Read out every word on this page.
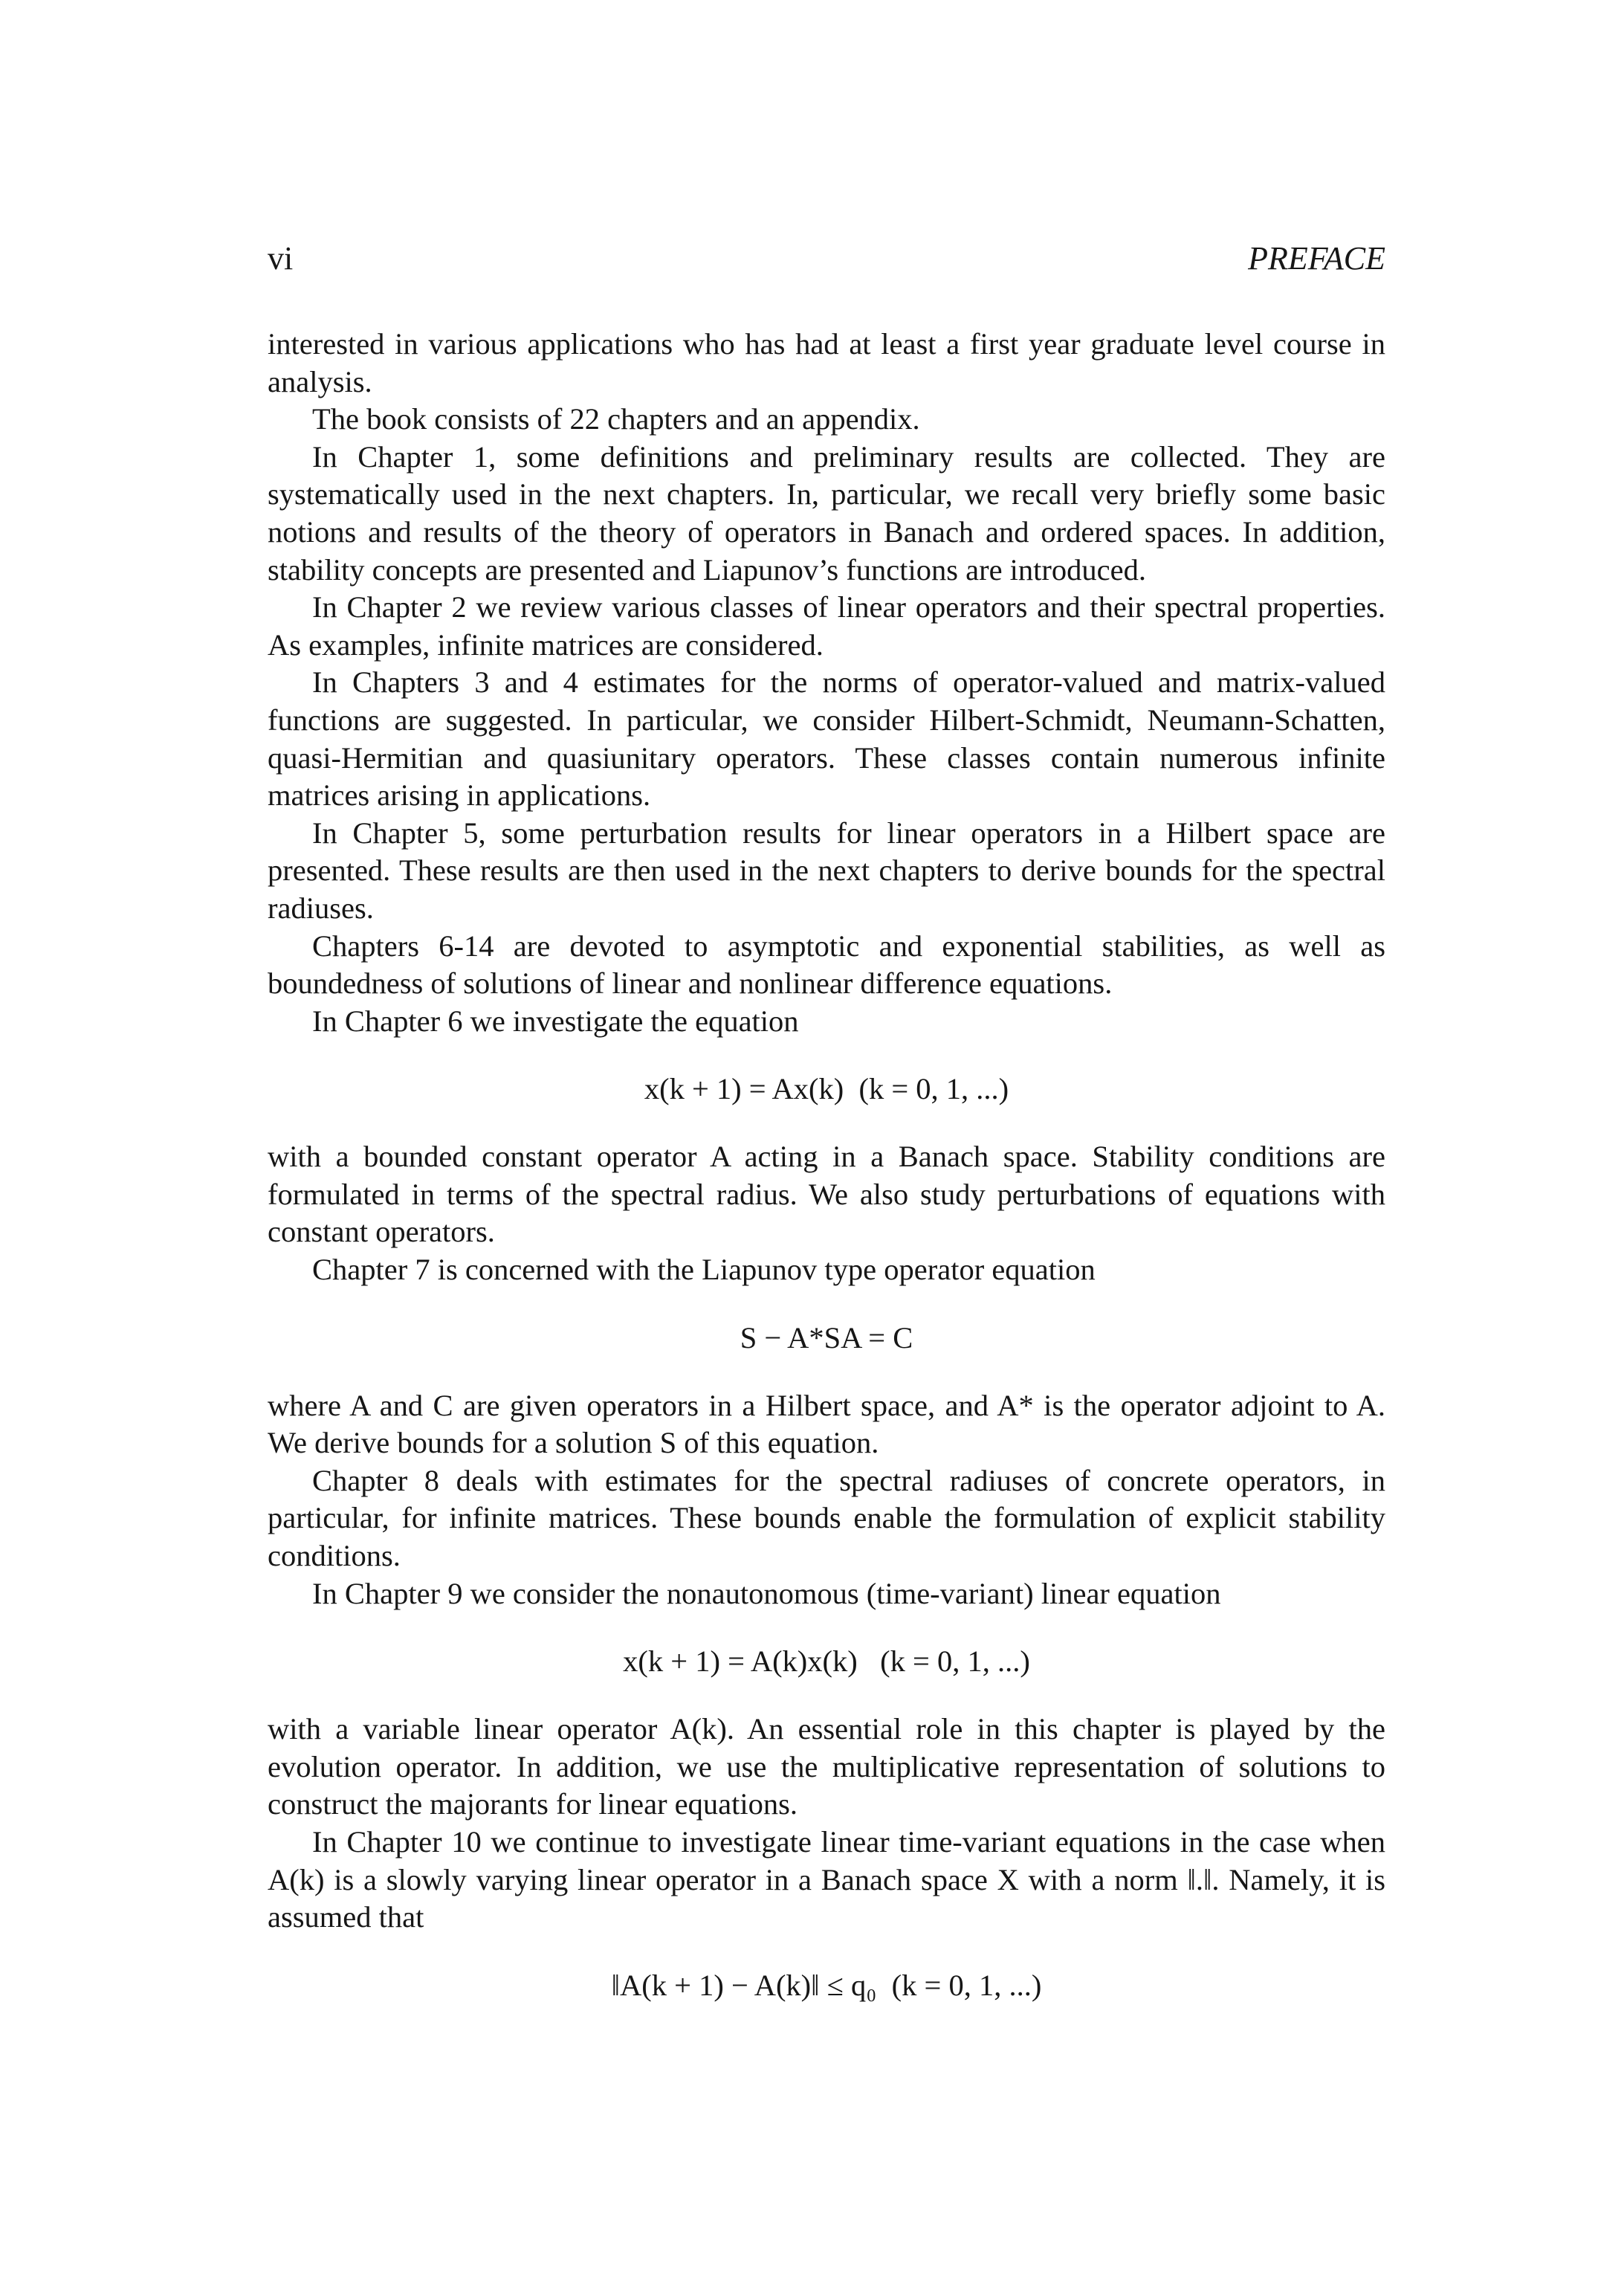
vi	PREFACE

interested in various applications who has had at least a first year graduate level course in analysis.

The book consists of 22 chapters and an appendix.

In Chapter 1, some definitions and preliminary results are collected. They are systematically used in the next chapters. In, particular, we recall very briefly some basic notions and results of the theory of operators in Banach and ordered spaces. In addition, stability concepts are presented and Liapunov’s functions are introduced.

In Chapter 2 we review various classes of linear operators and their spectral properties. As examples, infinite matrices are considered.

In Chapters 3 and 4 estimates for the norms of operator-valued and matrix-valued functions are suggested. In particular, we consider Hilbert-Schmidt, Neumann-Schatten, quasi-Hermitian and quasiunitary operators. These classes contain numerous infinite matrices arising in applications.

In Chapter 5, some perturbation results for linear operators in a Hilbert space are presented. These results are then used in the next chapters to derive bounds for the spectral radiuses.

Chapters 6-14 are devoted to asymptotic and exponential stabilities, as well as boundedness of solutions of linear and nonlinear difference equations.

In Chapter 6 we investigate the equation

x(k + 1) = Ax(k)  (k = 0, 1, ...)

with a bounded constant operator A acting in a Banach space. Stability conditions are formulated in terms of the spectral radius. We also study perturbations of equations with constant operators.

Chapter 7 is concerned with the Liapunov type operator equation

S − A*SA = C

where A and C are given operators in a Hilbert space, and A* is the operator adjoint to A. We derive bounds for a solution S of this equation.

Chapter 8 deals with estimates for the spectral radiuses of concrete operators, in particular, for infinite matrices. These bounds enable the formulation of explicit stability conditions.

In Chapter 9 we consider the nonautonomous (time-variant) linear equation

x(k + 1) = A(k)x(k)   (k = 0, 1, ...)

with a variable linear operator A(k). An essential role in this chapter is played by the evolution operator. In addition, we use the multiplicative representation of solutions to construct the majorants for linear equations.

In Chapter 10 we continue to investigate linear time-variant equations in the case when A(k) is a slowly varying linear operator in a Banach space X with a norm ‖.‖. Namely, it is assumed that

‖A(k + 1) − A(k)‖ ≤ q₀  (k = 0, 1, ...)
